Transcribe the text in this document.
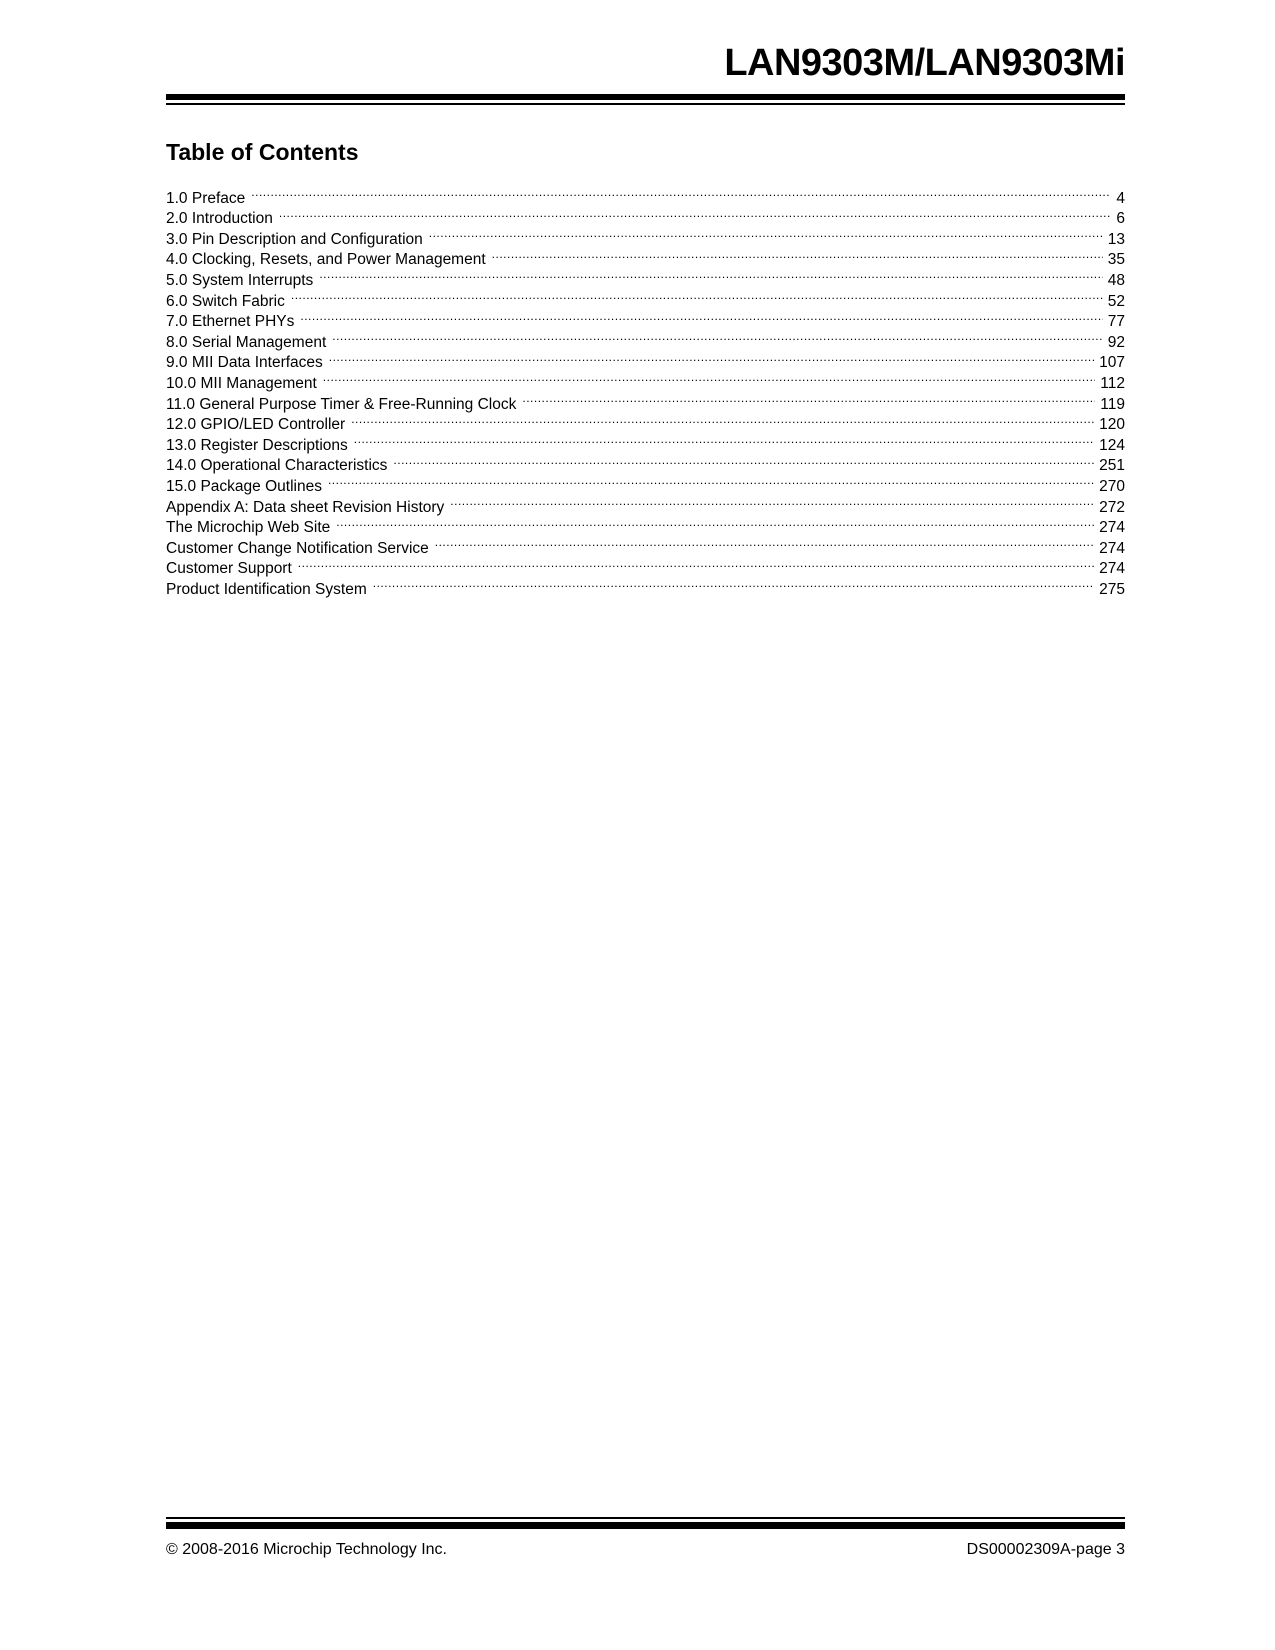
LAN9303M/LAN9303Mi
Table of Contents
1.0 Preface .....	4
2.0 Introduction .....	6
3.0 Pin Description and Configuration .....	13
4.0 Clocking, Resets, and Power Management .....	35
5.0 System Interrupts .....	48
6.0 Switch Fabric .....	52
7.0 Ethernet PHYs .....	77
8.0 Serial Management .....	92
9.0 MII Data Interfaces .....	107
10.0 MII Management .....	112
11.0 General Purpose Timer & Free-Running Clock .....	119
12.0 GPIO/LED Controller .....	120
13.0 Register Descriptions .....	124
14.0 Operational Characteristics .....	251
15.0 Package Outlines .....	270
Appendix A: Data sheet Revision History .....	272
The Microchip Web Site .....	274
Customer Change Notification Service .....	274
Customer Support .....	274
Product Identification System .....	275
© 2008-2016 Microchip Technology Inc.	DS00002309A-page 3
